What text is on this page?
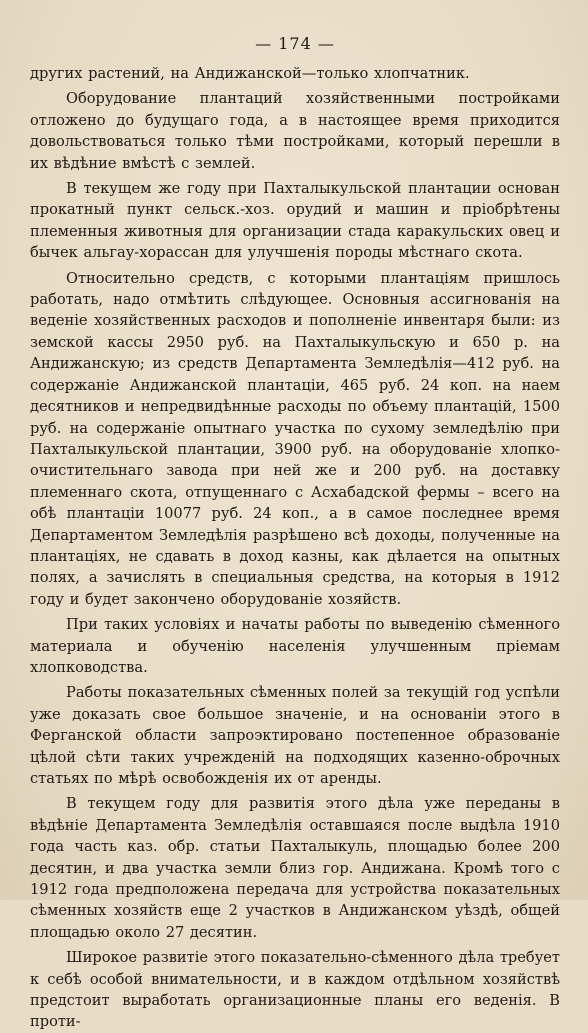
— 174 —

других растений, на Андижанской—только хлопчатник.

Оборудование плантаций хозяйственными постройками отложено до будущаго года, а в настоящее время приходится довольствоваться только тѣми постройками, который перешли в их вѣдѣние вмѣстѣ с землей.

В текущем же году при Пахталыкульской плантации основан прокатный пункт сельск.-хоз. орудий и машин и пріобрѣтены племенныя животныя для организации стада каракульских овец и бычек альгау-хорассан для улучшенія породы мѣстнаго скота.

Относительно средств, с которыми плантаціям пришлось работать, надо отмѣтить слѣдующее. Основныя ассигнованія на веденіе хозяйственных расходов и пополненіе инвентаря были: из земской кассы 2950 руб. на Пахталыкульскую и 650 р. на Андижанскую; из средств Департамента Земледѣлія—412 руб. на содержаніе Андижанской плантаціи, 465 руб. 24 коп. на наем десятников и непредвидѣнные расходы по объему плантацій, 1500 руб. на содержаніе опытнаго участка по сухому земледѣлію при Пахталыкульской плантации, 3900 руб. на оборудованіе хлопко-очистительнаго завода при ней же и 200 руб. на доставку племеннаго скота, отпущеннаго с Асхабадской фермы – всего на обѣ плантаціи 10077 руб. 24 коп., а в самое последнее время Департаментом Земледѣлія разрѣшено всѣ доходы, полученные на плантаціях, не сдавать в доход казны, как дѣлается на опытных полях, а зачислять в специальныя средства, на которыя в 1912 году и будет закончено оборудованіе хозяйств.

При таких условіях и начаты работы по выведенію сѣменного материала и обученію населенія улучшенным пріемам хлопководства.

Работы показательных сѣменных полей за текущій год успѣли уже доказать свое большое значеніе, и на основаніи этого в Ферганской области запроэктировано постепенное образованіе цѣлой сѣти таких учрежденій на подходящих казенно-оброчных статьях по мѣрѣ освобожденія их от аренды.

В текущем году для развитія этого дѣла уже переданы в вѣдѣніе Департамента Земледѣлія оставшаяся после выдѣла 1910 года часть каз. обр. статьи Пахталыкуль, площадью более 200 десятин, и два участка земли близ гор. Андижана. Кромѣ того с 1912 года предположена передача для устройства показательных сѣменных хозяйств еще 2 участков в Андижанском уѣздѣ, общей площадью около 27 десятин.

Широкое развитіе этого показательно-сѣменного дѣла требует к себѣ особой внимательности, и в каждом отдѣльном хозяйствѣ предстоит выработать организационные планы его веденія. В проти-
